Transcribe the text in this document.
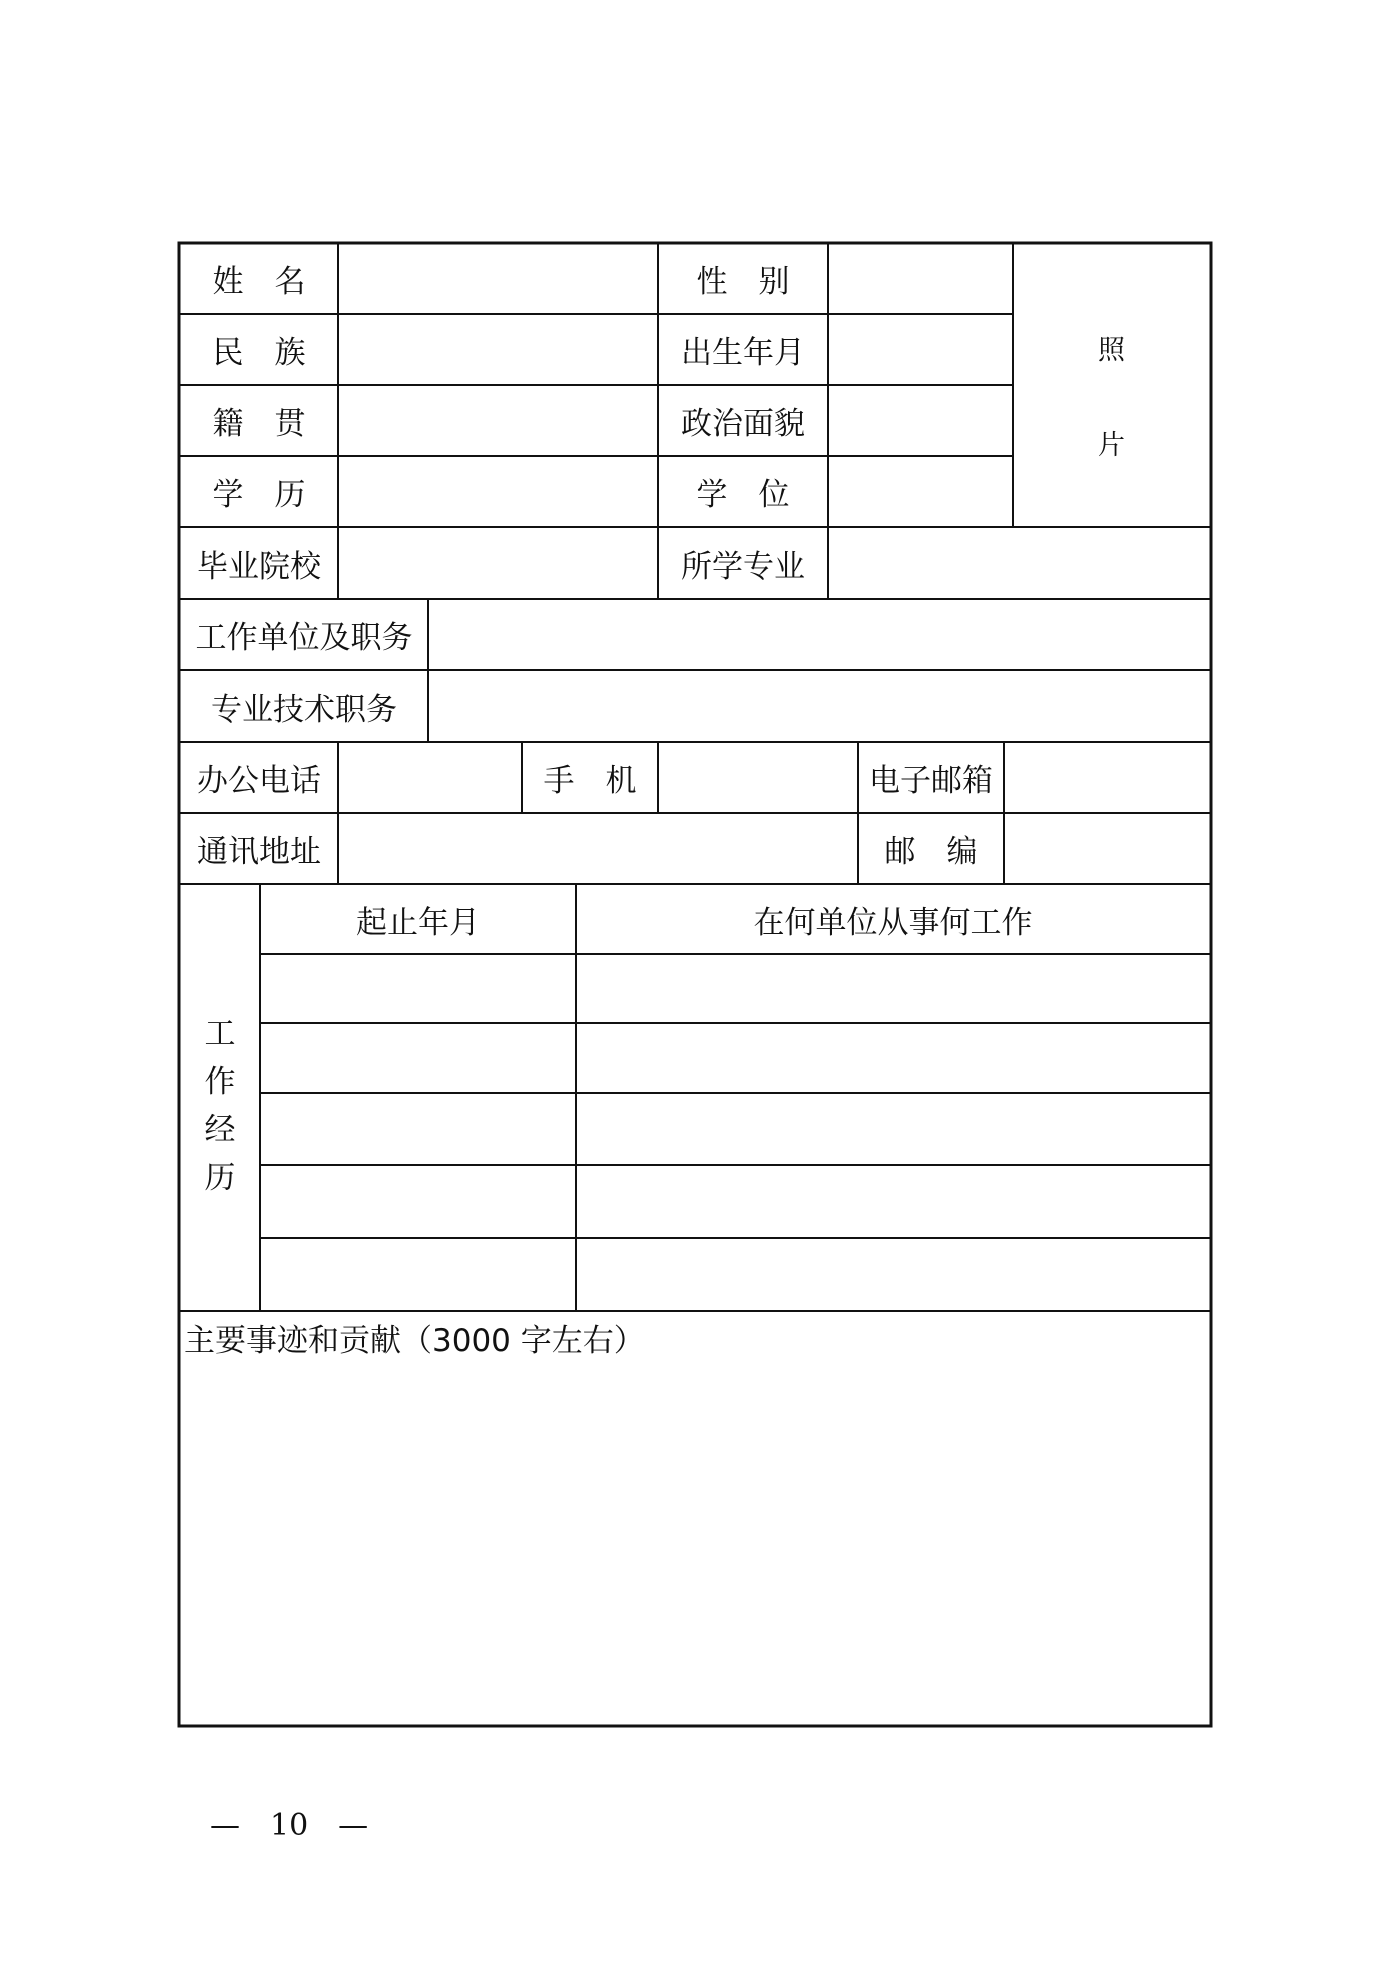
姓　名	性　别
照
片
民　族	出生年月
籍　贯	政治面貌
学　历	学　位
毕业院校	所学专业
工作单位及职务
专业技术职务
办公电话	手　机	电子邮箱
通讯地址	邮　编
工
作
经
历
起止年月	在何单位从事何工作
主要事迹和贡献（3000 字左右）
—　10　—
